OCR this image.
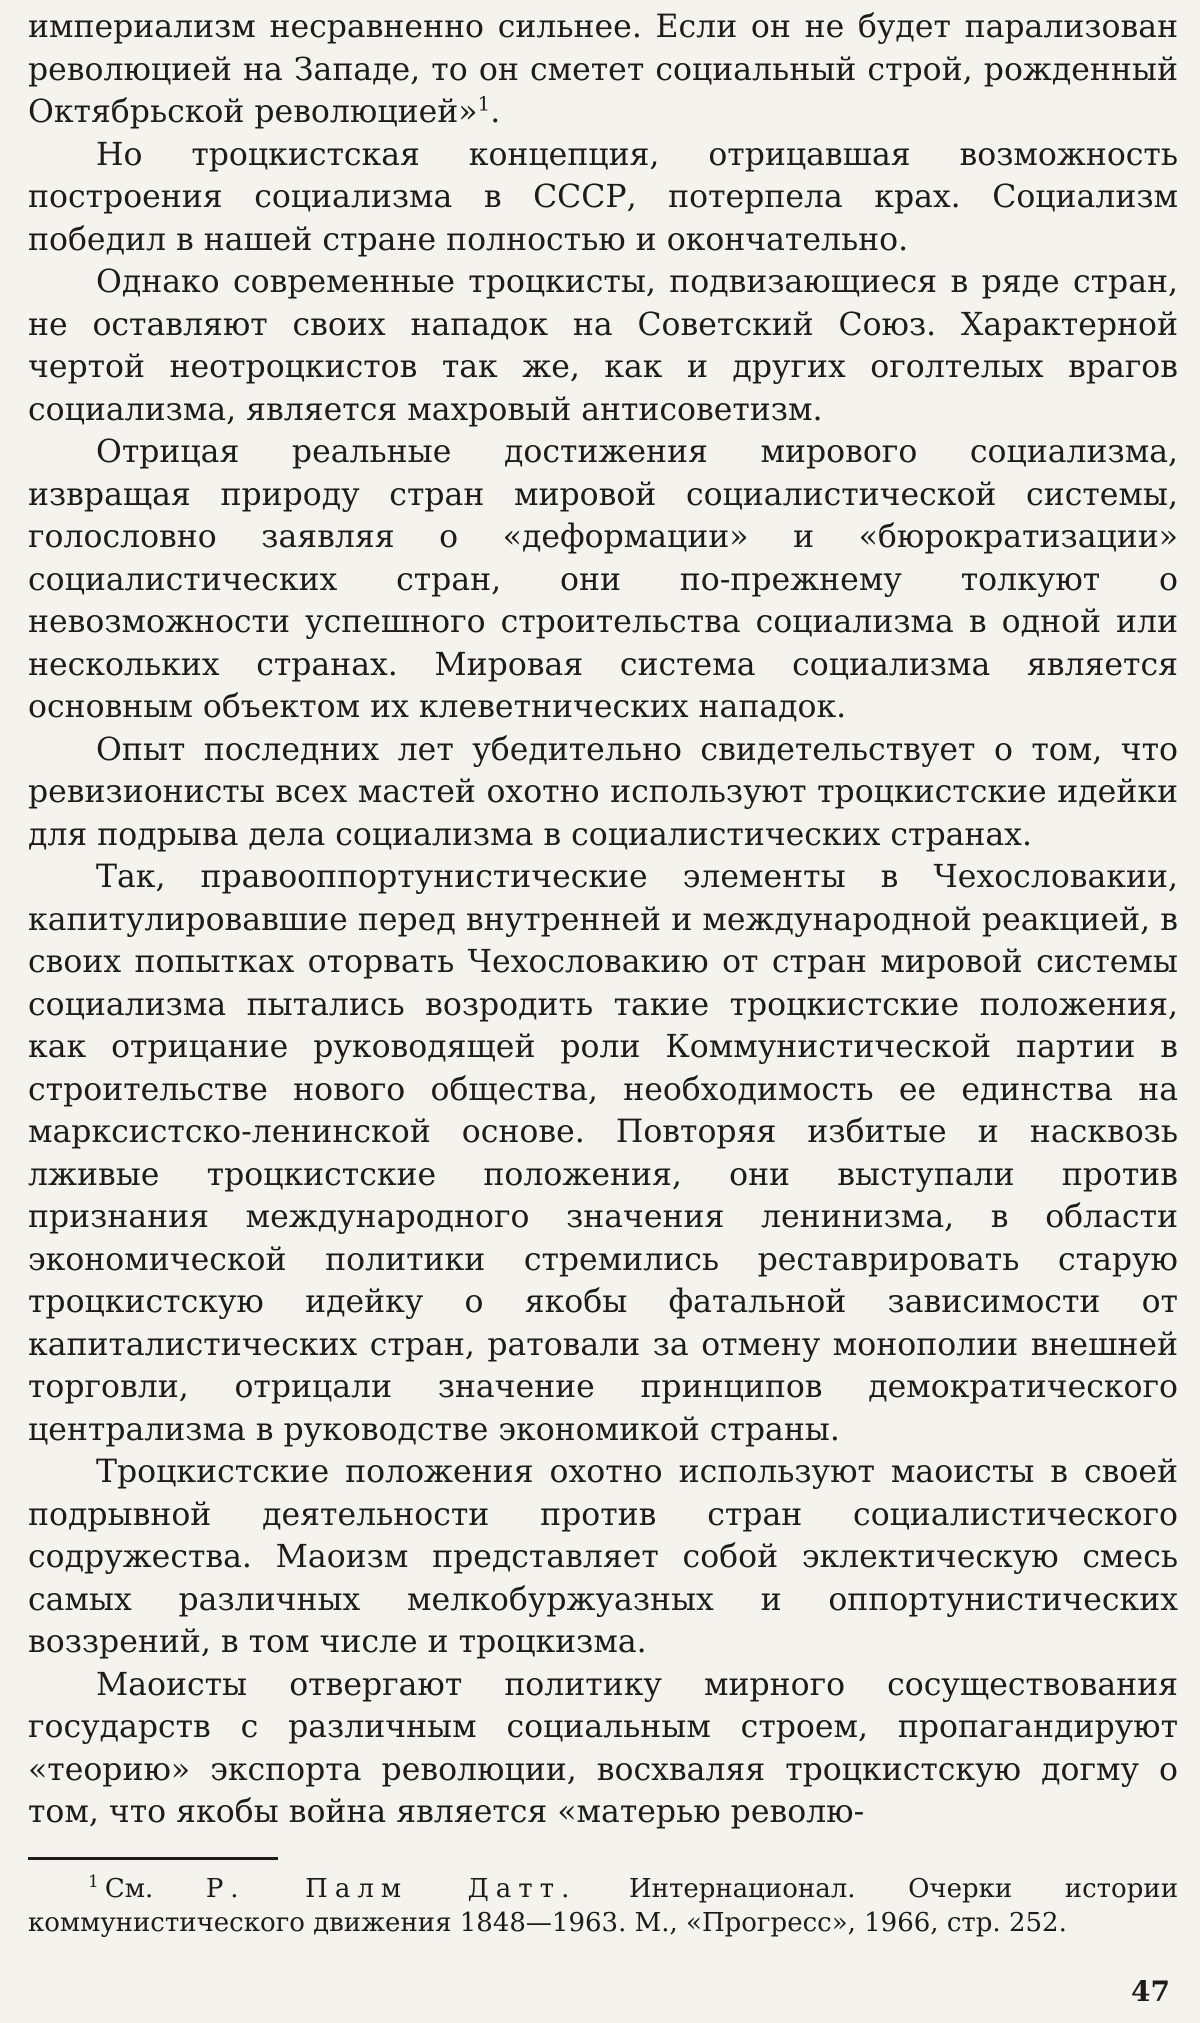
империализм несравненно сильнее. Если он не будет парализован революцией на Западе, то он сметет социальный строй, рожденный Октябрьской революцией»$^1$.

Но троцкистская концепция, отрицавшая возможность построения социализма в СССР, потерпела крах. Социализм победил в нашей стране полностью и окончательно.

Однако современные троцкисты, подвизающиеся в ряде стран, не оставляют своих нападок на Советский Союз. Характерной чертой неотроцкистов так же, как и других оголтелых врагов социализма, является махровый антисоветизм.

Отрицая реальные достижения мирового социализма, извращая природу стран мировой социалистической системы, голословно заявляя о «деформации» и «бюрократизации» социалистических стран, они по-прежнему толкуют о невозможности успешного строительства социализма в одной или нескольких странах. Мировая система социализма является основным объектом их клеветнических нападок.

Опыт последних лет убедительно свидетельствует о том, что ревизионисты всех мастей охотно используют троцкистские идейки для подрыва дела социализма в социалистических странах.

Так, правооппортунистические элементы в Чехословакии, капитулировавшие перед внутренней и международной реакцией, в своих попытках оторвать Чехословакию от стран мировой системы социализма пытались возродить такие троцкистские положения, как отрицание руководящей роли Коммунистической партии в строительстве нового общества, необходимость ее единства на марксистско-ленинской основе. Повторяя избитые и насквозь лживые троцкистские положения, они выступали против признания международного значения ленинизма, в области экономической политики стремились реставрировать старую троцкистскую идейку о якобы фатальной зависимости от капиталистических стран, ратовали за отмену монополии внешней торговли, отрицали значение принципов демократического централизма в руководстве экономикой страны.

Троцкистские положения охотно используют маоисты в своей подрывной деятельности против стран социалистического содружества. Маоизм представляет собой эклектическую смесь самых различных мелкобуржуазных и оппортунистических воззрений, в том числе и троцкизма.

Маоисты отвергают политику мирного сосуществования государств с различным социальным строем, пропагандируют «теорию» экспорта революции, восхваляя троцкистскую догму о том, что якобы война является «матерью револю-

$^1$ См. Р. Палм Датт. Интернационал. Очерки истории коммунистического движения 1848—1963. М., «Прогресс», 1966, стр. 252.
47
